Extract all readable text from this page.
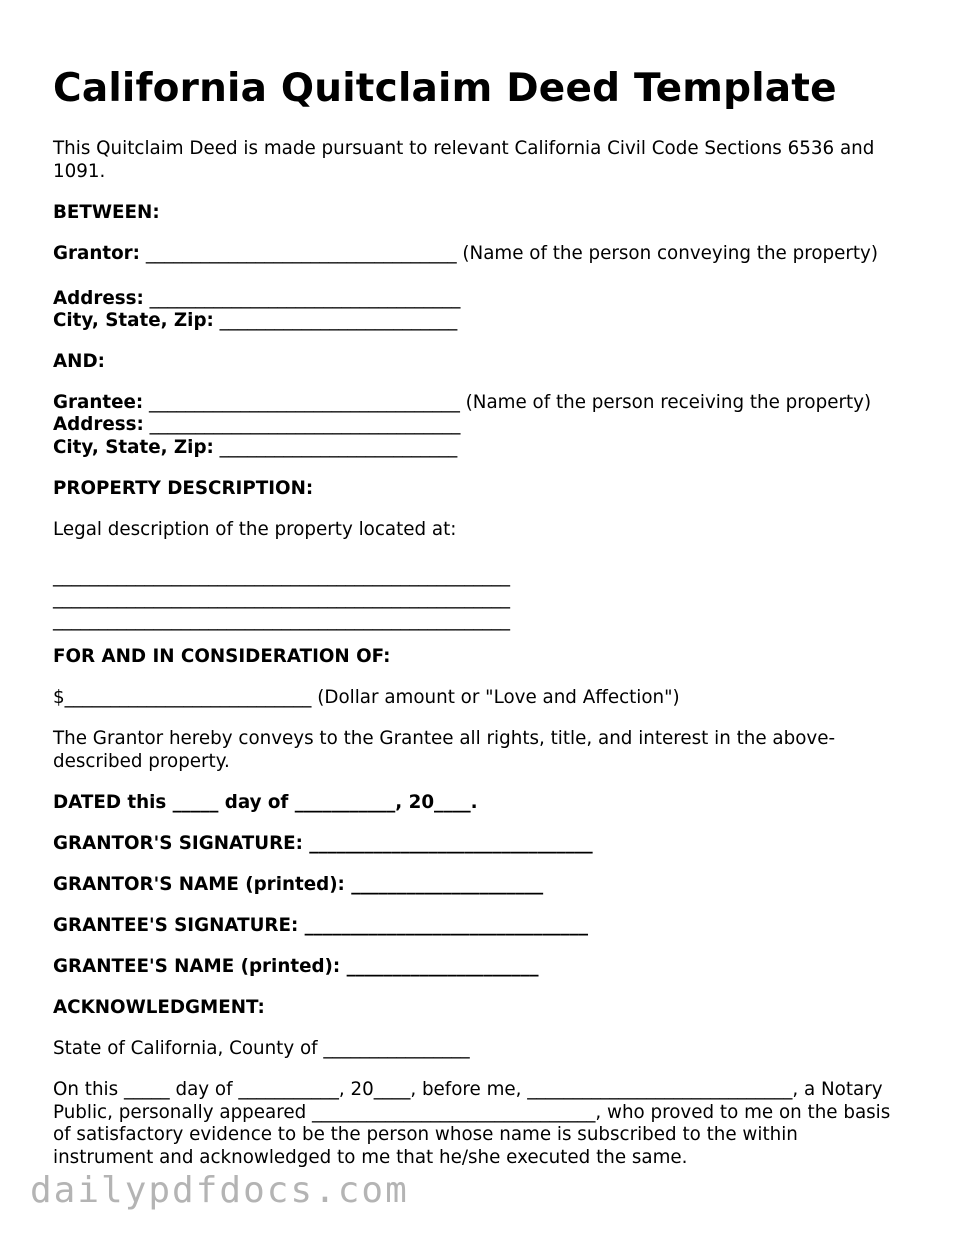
California Quitclaim Deed Template

This Quitclaim Deed is made pursuant to relevant California Civil Code Sections 6536 and 1091.

BETWEEN:

Grantor: __________________________________ (Name of the person conveying the property)

Address: __________________________________

City, State, Zip: __________________________

AND:

Grantee: __________________________________ (Name of the person receiving the property)

Address: __________________________________

City, State, Zip: __________________________

PROPERTY DESCRIPTION:

Legal description of the property located at:

__________________________________________________

__________________________________________________

__________________________________________________

FOR AND IN CONSIDERATION OF:

$___________________________ (Dollar amount or "Love and Affection")

The Grantor hereby conveys to the Grantee all rights, title, and interest in the above-described property.

DATED this _____ day of ___________, 20____.

GRANTOR'S SIGNATURE: _______________________________

GRANTOR'S NAME (printed): _____________________

GRANTEE'S SIGNATURE: _______________________________

GRANTEE'S NAME (printed): _____________________

ACKNOWLEDGMENT:

State of California, County of ________________

On this _____ day of ___________, 20____, before me, _____________________________, a Notary Public, personally appeared _______________________________, who proved to me on the basis of satisfactory evidence to be the person whose name is subscribed to the within instrument and acknowledged to me that he/she executed the same.

dailypdfdocs.com
